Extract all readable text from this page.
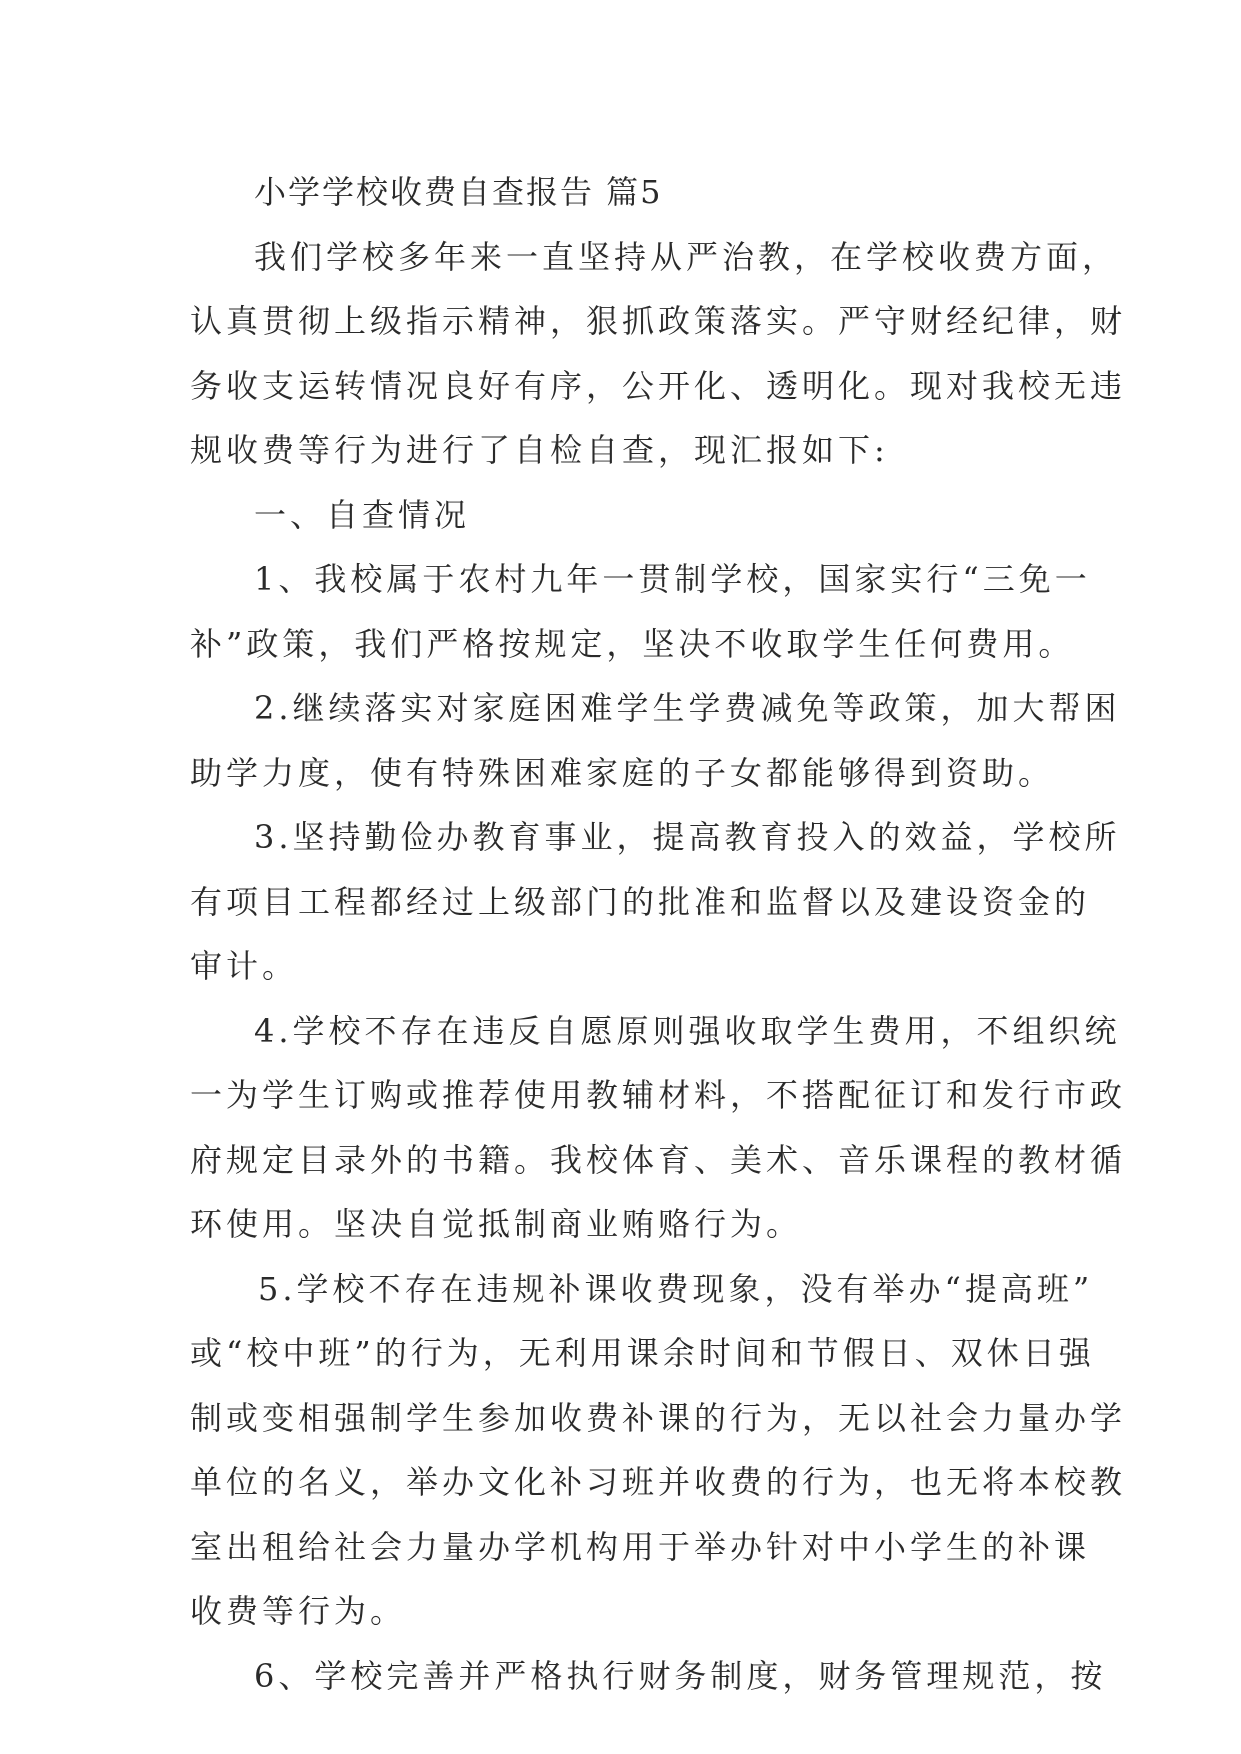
小学学校收费自查报告 篇5
我们学校多年来一直坚持从严治教，在学校收费方面，
认真贯彻上级指示精神，狠抓政策落实。严守财经纪律，财
务收支运转情况良好有序，公开化、透明化。现对我校无违
规收费等行为进行了自检自查，现汇报如下:
一、自查情况
1、我校属于农村九年一贯制学校，国家实行“三免一
补”政策，我们严格按规定，坚决不收取学生任何费用。
2.继续落实对家庭困难学生学费减免等政策，加大帮困
助学力度，使有特殊困难家庭的子女都能够得到资助。
3.坚持勤俭办教育事业，提高教育投入的效益，学校所
有项目工程都经过上级部门的批准和监督以及建设资金的
审计。
4.学校不存在违反自愿原则强收取学生费用，不组织统
一为学生订购或推荐使用教辅材料，不搭配征订和发行市政
府规定目录外的书籍。我校体育、美术、音乐课程的教材循
环使用。坚决自觉抵制商业贿赂行为。
5.学校不存在违规补课收费现象，没有举办“提高班”
或“校中班”的行为，无利用课余时间和节假日、双休日强
制或变相强制学生参加收费补课的行为，无以社会力量办学
单位的名义，举办文化补习班并收费的行为，也无将本校教
室出租给社会力量办学机构用于举办针对中小学生的补课
收费等行为。
6、学校完善并严格执行财务制度，财务管理规范，按
